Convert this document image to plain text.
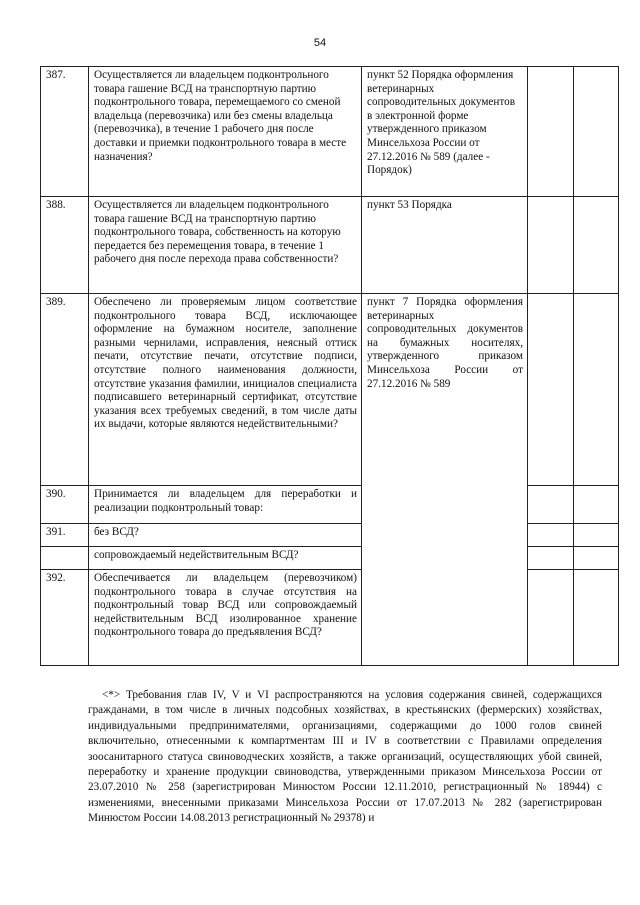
54
387.	Осуществляется ли владельцем подконтрольного товара гашение ВСД на транспортную партию подконтрольного товара, перемещаемого со сменой владельца (перевозчика) или без смены владельца (перевозчика), в течение 1 рабочего дня после доставки и приемки подконтрольного товара в месте назначения?	пункт 52 Порядка оформления ветеринарных сопроводительных документов в электронной форме утвержденного приказом Минсельхоза России от 27.12.2016 № 589 (далее - Порядок)		
388.	Осуществляется ли владельцем подконтрольного товара гашение ВСД на транспортную партию подконтрольного товара, собственность на которую передается без перемещения товара, в течение 1 рабочего дня после перехода права собственности?	пункт 53 Порядка		
389.	Обеспечено ли проверяемым лицом соответствие подконтрольного товара ВСД, исключающее оформление на бумажном носителе, заполнение разными чернилами, исправления, неясный оттиск печати, отсутствие печати, отсутствие подписи, отсутствие полного наименования должности, отсутствие указания фамилии, инициалов специалиста подписавшего ветеринарный сертификат, отсутствие указания всех требуемых сведений, в том числе даты их выдачи, которые являются недействительными?	пункт 7 Порядка оформления ветеринарных сопроводительных документов на бумажных носителях, утвержденного приказом Минсельхоза России от 27.12.2016 № 589		
390.	Принимается ли владельцем для переработки и реализации подконтрольный товар:			
391.	без ВСД?			
	сопровождаемый недействительным ВСД?			
392.	Обеспечивается ли владельцем (перевозчиком) подконтрольного товара в случае отсутствия на подконтрольный товар ВСД или сопровождаемый недействительным ВСД изолированное хранение подконтрольного товара до предъявления ВСД?			

<*> Требования глав IV, V и VI распространяются на условия содержания свиней, содержащихся гражданами, в том числе в личных подсобных хозяйствах, в крестьянских (фермерских) хозяйствах, индивидуальными предпринимателями, организациями, содержащими до 1000 голов свиней включительно, отнесенными к компартментам III и IV в соответствии с Правилами определения зоосанитарного статуса свиноводческих хозяйств, а также организаций, осуществляющих убой свиней, переработку и хранение продукции свиноводства, утвержденными приказом Минсельхоза России от 23.07.2010 № 258 (зарегистрирован Минюстом России 12.11.2010, регистрационный № 18944) с изменениями, внесенными приказами Минсельхоза России от 17.07.2013 № 282 (зарегистрирован Минюстом России 14.08.2013 регистрационный № 29378) и
